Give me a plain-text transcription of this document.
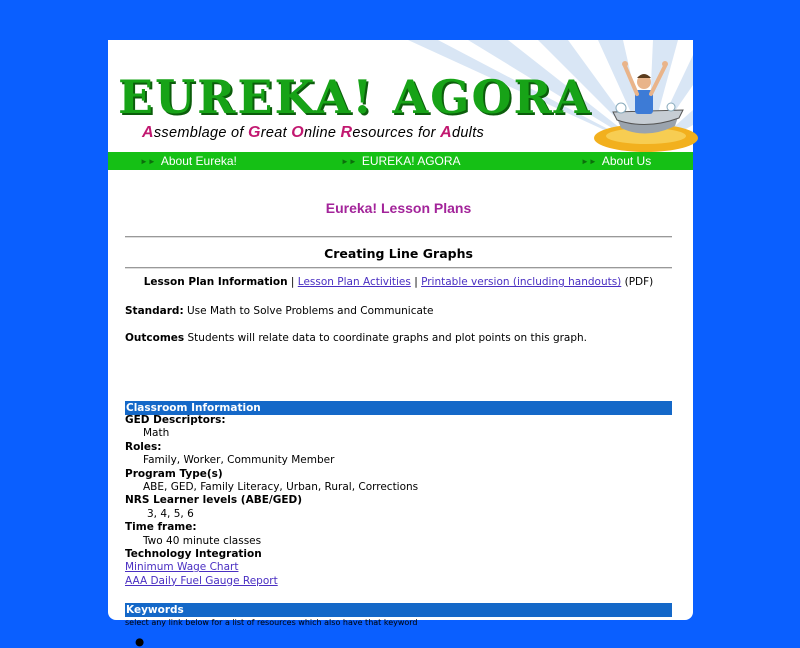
EUREKA! AGORA
Assemblage of Great Online Resources for Adults
►► About Eureka!	►► EUREKA! AGORA	►► About Us
Eureka! Lesson Plans
Creating Line Graphs
Lesson Plan Information | Lesson Plan Activities | Printable version (including handouts) (PDF)
Standard: Use Math to Solve Problems and Communicate
Outcomes Students will relate data to coordinate graphs and plot points on this graph.
Classroom Information
GED Descriptors:
Math
Roles:
Family, Worker, Community Member
Program Type(s)
ABE, GED, Family Literacy, Urban, Rural, Corrections
NRS Learner levels (ABE/GED)
3, 4, 5, 6
Time frame:
Two 40 minute classes
Technology Integration
Minimum Wage Chart
AAA Daily Fuel Gauge Report
Keywords
select any link below for a list of resources which also have that keyword
●
